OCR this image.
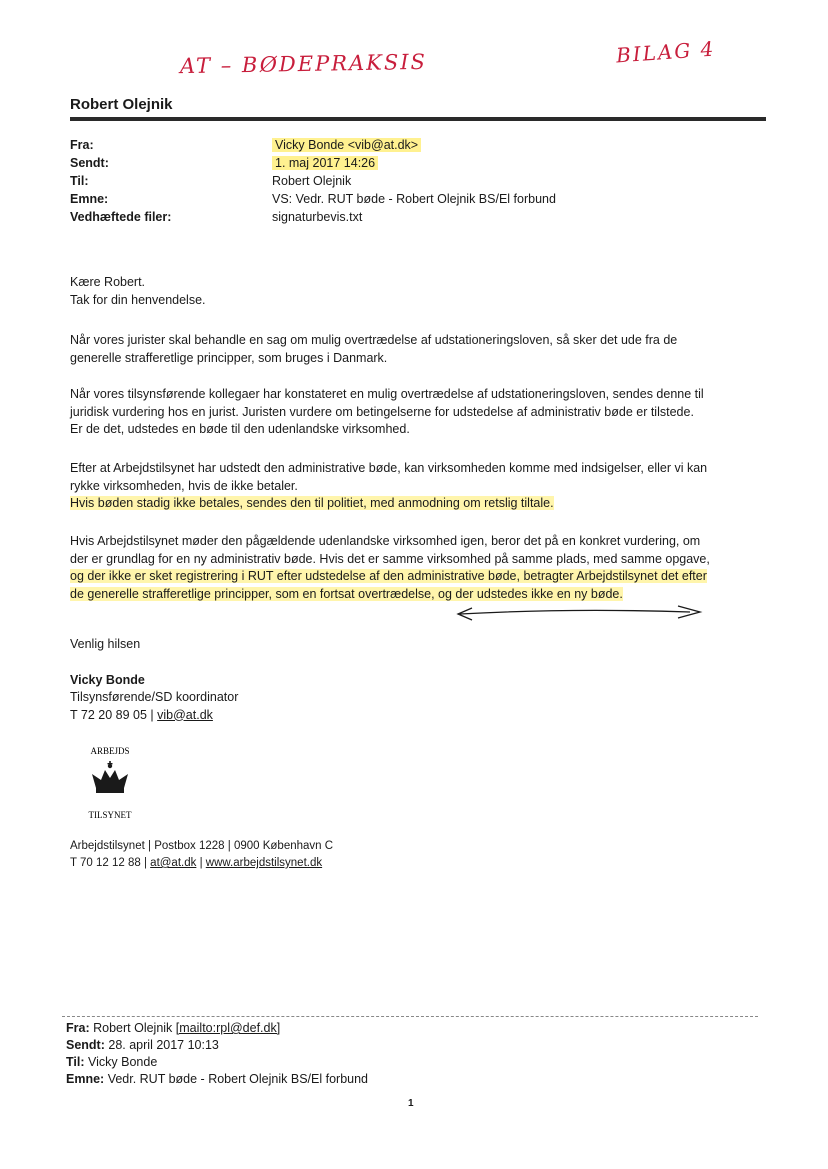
AT – BØDEPRAKSIS	BILAG 4
Robert Olejnik
Fra:	Vicky Bonde <vib@at.dk>
Sendt:	1. maj 2017 14:26
Til:	Robert Olejnik
Emne:	VS: Vedr. RUT bøde - Robert Olejnik BS/El forbund
Vedhæftede filer:	signaturbevis.txt

Kære Robert.

Tak for din henvendelse.

Når vores jurister skal behandle en sag om mulig overtrædelse af udstationeringsloven, så sker det ude fra de

generelle strafferetlige principper, som bruges i Danmark.

Når vores tilsynsførende kollegaer har konstateret en mulig overtrædelse af udstationeringsloven, sendes denne til

juridisk vurdering hos en jurist. Juristen vurdere om betingelserne for udstedelse af administrativ bøde er tilstede.

Er de det, udstedes en bøde til den udenlandske virksomhed.

Efter at Arbejdstilsynet har udstedt den administrative bøde, kan virksomheden komme med indsigelser, eller vi kan

rykke virksomheden, hvis de ikke betaler.

Hvis bøden stadig ikke betales, sendes den til politiet, med anmodning om retslig tiltale.

Hvis Arbejdstilsynet møder den pågældende udenlandske virksomhed igen, beror det på en konkret vurdering, om

der er grundlag for en ny administrativ bøde. Hvis det er samme virksomhed på samme plads, med samme opgave,

og der ikke er sket registrering i RUT efter udstedelse af den administrative bøde, betragter Arbejdstilsynet det efter

de generelle strafferetlige principper, som en fortsat overtrædelse, og der udstedes ikke en ny bøde.

Venlig hilsen

Vicky Bonde

Tilsynsførende/SD koordinator

T 72 20 89 05 | vib@at.dk

ARBEJDS
TILSYNET
Arbejdstilsynet | Postbox 1228 | 0900 København C
T 70 12 12 88 | at@at.dk | www.arbejdstilsynet.dk
Fra: Robert Olejnik [mailto:rpl@def.dk]
Sendt: 28. april 2017 10:13
Til: Vicky Bonde
Emne: Vedr. RUT bøde - Robert Olejnik BS/El forbund
1
